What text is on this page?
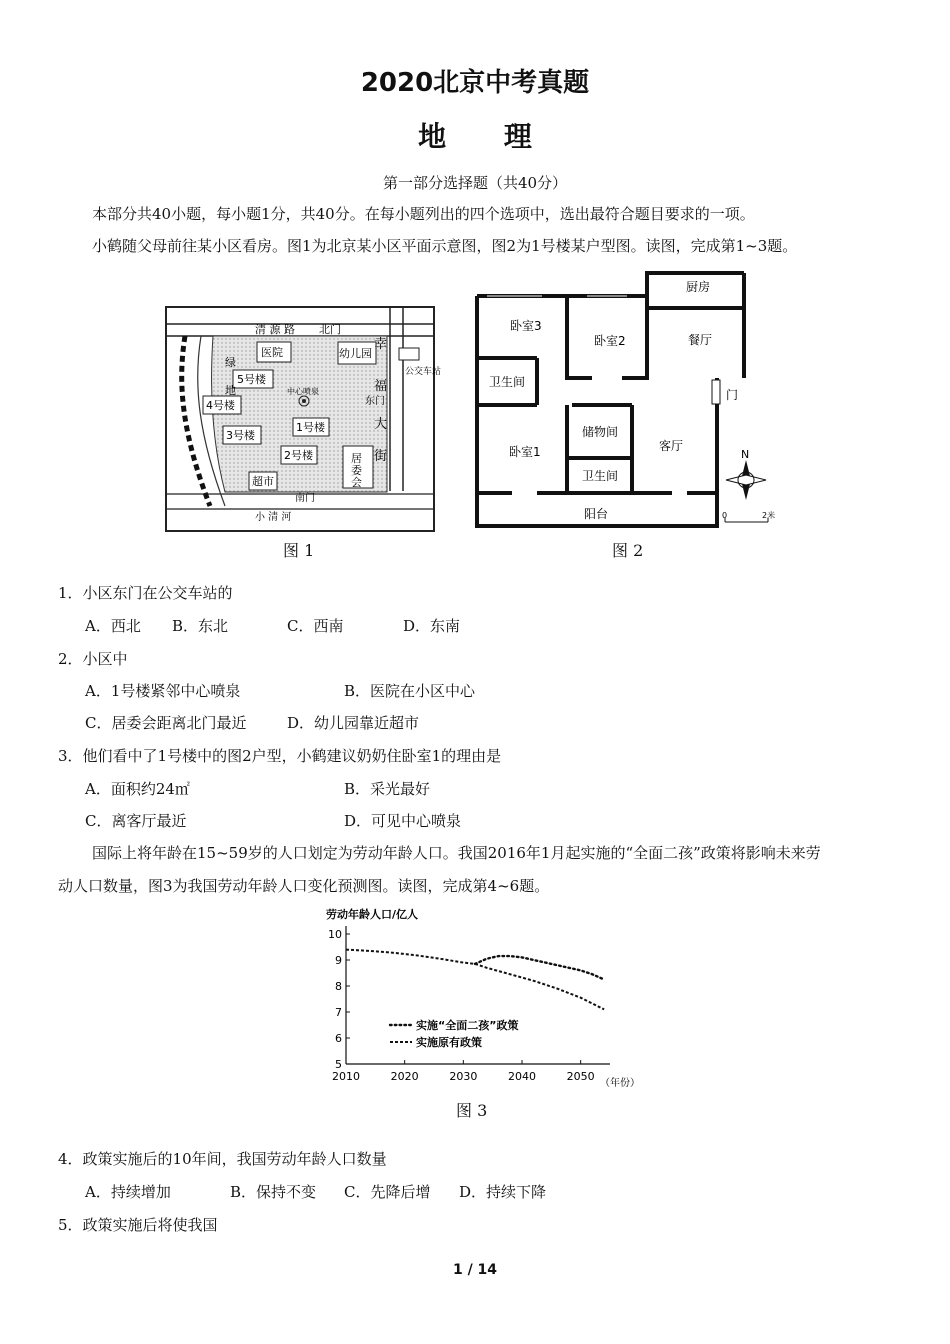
2020北京中考真题
地 理
第一部分选择题（共40分）
本部分共40小题，每小题1分，共40分。在每小题列出的四个选项中，选出最符合题目要求的一项。
小鹤随父母前往某小区看房。图1为北京某小区平面示意图，图2为1号楼某户型图。读图，完成第1~3题。
清 源 路 北门
医院	幼儿园
5号楼
4号楼
3号楼
1号楼
2号楼
超市
绿
地	中心喷泉
东门
幸
福
大
街
居
委
会
公交车站
南门
小 清 河
图 1
卧室3
卧室2
厨房
餐厅
卫生间
门
卧室1
储物间
卫生间
客厅
阳台
N
0	2米
图 2
1．小区东门在公交车站的
A．西北 B．东北	C．西南	D．东南
2．小区中
A．1号楼紧邻中心喷泉	B．医院在小区中心
C．居委会距离北门最近	D．幼儿园靠近超市
3．他们看中了1号楼中的图2户型，小鹤建议奶奶住卧室1的理由是
A．面积约24㎡	B．采光最好
C．离客厅最近	D．可见中心喷泉
国际上将年龄在15~59岁的人口划定为劳动年龄人口。我国2016年1月起实施的“全面二孩”政策将影响未来劳
动人口数量，图3为我国劳动年龄人口变化预测图。读图，完成第4~6题。
劳动年龄人口/亿人
5
6
7
8
9
10
2010	2020	2030	2040	2050
实施“全面二孩”政策
实施原有政策
（年份）
图 3
4．政策实施后的10年间，我国劳动年龄人口数量
A．持续增加	B．保持不变 C．先降后增 D．持续下降
5．政策实施后将使我国
1 / 14
